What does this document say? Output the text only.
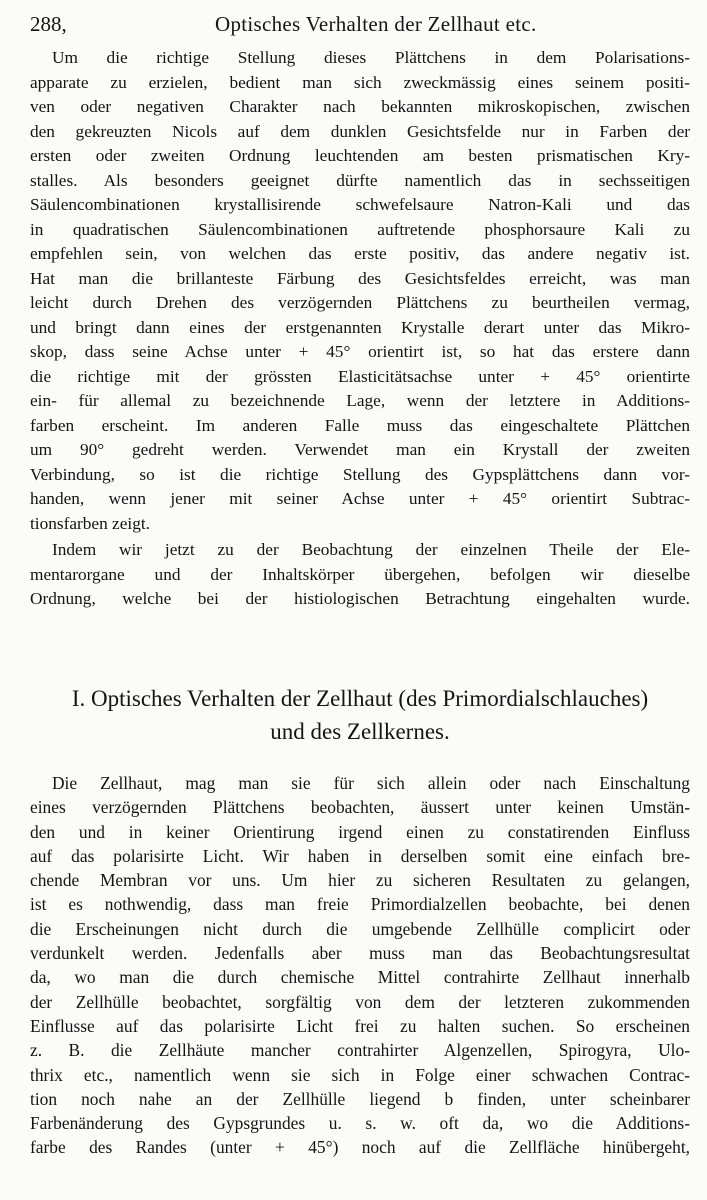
288,	Optisches Verhalten der Zellhaut etc.
Um die richtige Stellung dieses Plättchens in dem Polarisations-
apparate zu erzielen, bedient man sich zweckmässig eines seinem positi-
ven oder negativen Charakter nach bekannten mikroskopischen, zwischen
den gekreuzten Nicols auf dem dunklen Gesichtsfelde nur in Farben der
ersten oder zweiten Ordnung leuchtenden am besten prismatischen Kry-
stalles. Als besonders geeignet dürfte namentlich das in sechsseitigen
Säulencombinationen krystallisirende schwefelsaure Natron-Kali und das
in quadratischen Säulencombinationen auftretende phosphorsaure Kali zu
empfehlen sein, von welchen das erste positiv, das andere negativ ist.
Hat man die brillanteste Färbung des Gesichtsfeldes erreicht, was man
leicht durch Drehen des verzögernden Plättchens zu beurtheilen vermag,
und bringt dann eines der erstgenannten Krystalle derart unter das Mikro-
skop, dass seine Achse unter + 45° orientirt ist, so hat das erstere dann
die richtige mit der grössten Elasticitätsachse unter + 45° orientirte
ein- für allemal zu bezeichnende Lage, wenn der letztere in Additions-
farben erscheint. Im anderen Falle muss das eingeschaltete Plättchen
um 90° gedreht werden. Verwendet man ein Krystall der zweiten
Verbindung, so ist die richtige Stellung des Gypsplättchens dann vor-
handen, wenn jener mit seiner Achse unter + 45° orientirt Subtrac-
tionsfarben zeigt.
Indem wir jetzt zu der Beobachtung der einzelnen Theile der Ele-
mentarorgane und der Inhaltskörper übergehen, befolgen wir dieselbe
Ordnung, welche bei der histiologischen Betrachtung eingehalten wurde.
I. Optisches Verhalten der Zellhaut (des Primordialschlauches)
und des Zellkernes.
Die Zellhaut, mag man sie für sich allein oder nach Einschaltung
eines verzögernden Plättchens beobachten, äussert unter keinen Umstän-
den und in keiner Orientirung irgend einen zu constatirenden Einfluss
auf das polarisirte Licht. Wir haben in derselben somit eine einfach bre-
chende Membran vor uns. Um hier zu sicheren Resultaten zu gelangen,
ist es nothwendig, dass man freie Primordialzellen beobachte, bei denen
die Erscheinungen nicht durch die umgebende Zellhülle complicirt oder
verdunkelt werden. Jedenfalls aber muss man das Beobachtungsresultat
da, wo man die durch chemische Mittel contrahirte Zellhaut innerhalb
der Zellhülle beobachtet, sorgfältig von dem der letzteren zukommenden
Einflusse auf das polarisirte Licht frei zu halten suchen. So erscheinen
z. B. die Zellhäute mancher contrahirter Algenzellen, Spirogyra, Ulo-
thrix etc., namentlich wenn sie sich in Folge einer schwachen Contrac-
tion noch nahe an der Zellhülle liegend b finden, unter scheinbarer
Farbenänderung des Gypsgrundes u. s. w. oft da, wo die Additions-
farbe des Randes (unter + 45°) noch auf die Zellfläche hinübergeht,
